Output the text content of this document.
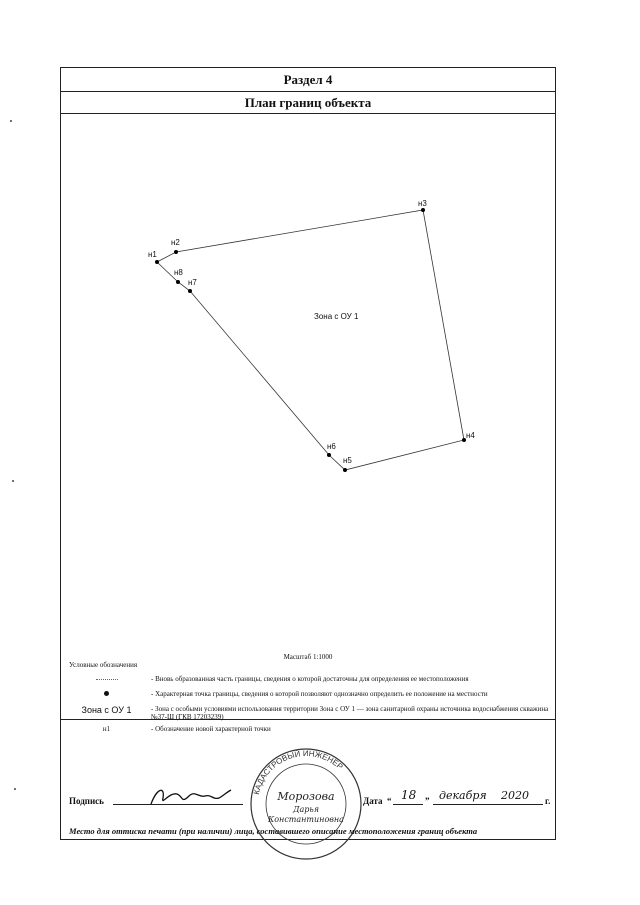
Раздел 4
План границ объекта
н1
н2
н3
н4
н5
н6
н7
н8
Зона с ОУ 1
Масштаб 1:1000
Условные обозначения
- Вновь образованная часть границы, сведения о которой достаточны для определения ее местоположения
- Характерная точка границы, сведения о которой позволяют однозначно определить ее положение на местности
Зона с ОУ 1	- Зона с особыми условиями использования территории Зона с ОУ 1 — зона санитарной охраны источника водоснабжения скважина №37-Ш (ГКВ 17203239)
н1	- Обозначение новой характерной точки
КАДАСТРОВЫЙ ИНЖЕНЕР
Морозова
Дарья
Константиновна
Подпись	Дата “ 18 ” декабря 2020 г.
Место для оттиска печати (при наличии) лица, составившего описание местоположения границ объекта
